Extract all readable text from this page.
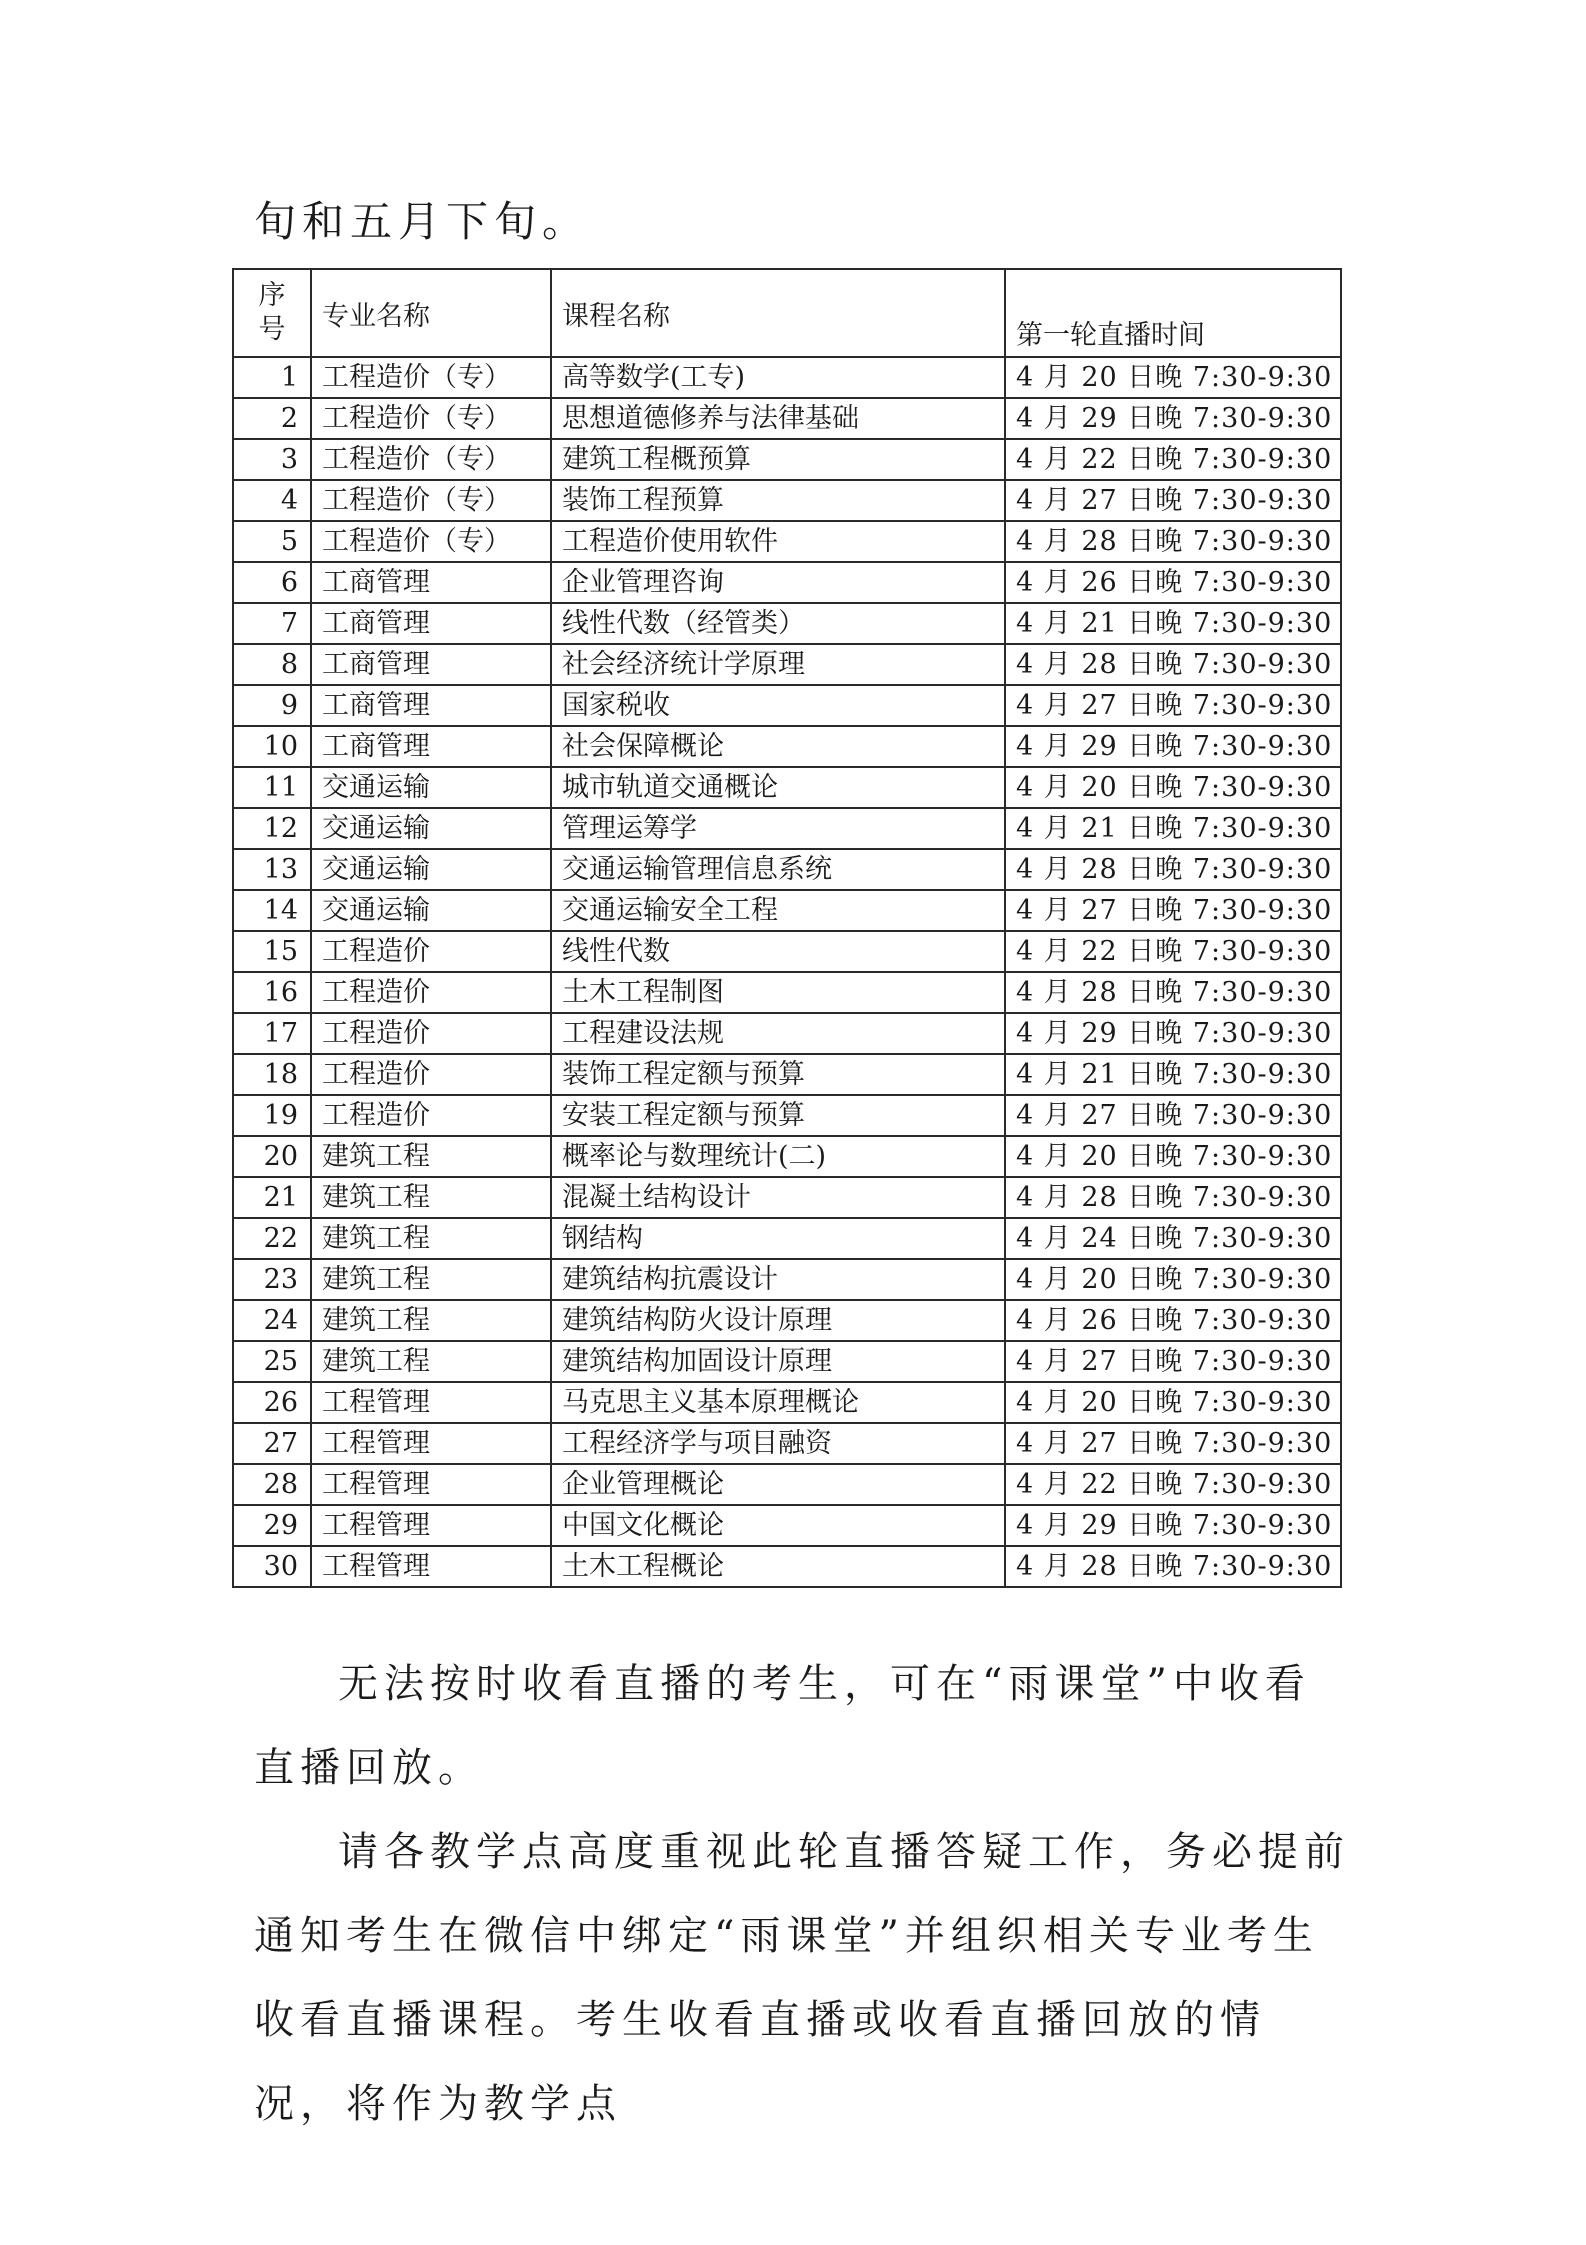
旬和五月下旬。
序
号	专业名称	课程名称	第一轮直播时间
1	工程造价（专）	高等数学(工专)	4 月 20 日晚 7:30-9:30
2	工程造价（专）	思想道德修养与法律基础	4 月 29 日晚 7:30-9:30
3	工程造价（专）	建筑工程概预算	4 月 22 日晚 7:30-9:30
4	工程造价（专）	装饰工程预算	4 月 27 日晚 7:30-9:30
5	工程造价（专）	工程造价使用软件	4 月 28 日晚 7:30-9:30
6	工商管理	企业管理咨询	4 月 26 日晚 7:30-9:30
7	工商管理	线性代数（经管类）	4 月 21 日晚 7:30-9:30
8	工商管理	社会经济统计学原理	4 月 28 日晚 7:30-9:30
9	工商管理	国家税收	4 月 27 日晚 7:30-9:30
10	工商管理	社会保障概论	4 月 29 日晚 7:30-9:30
11	交通运输	城市轨道交通概论	4 月 20 日晚 7:30-9:30
12	交通运输	管理运筹学	4 月 21 日晚 7:30-9:30
13	交通运输	交通运输管理信息系统	4 月 28 日晚 7:30-9:30
14	交通运输	交通运输安全工程	4 月 27 日晚 7:30-9:30
15	工程造价	线性代数	4 月 22 日晚 7:30-9:30
16	工程造价	土木工程制图	4 月 28 日晚 7:30-9:30
17	工程造价	工程建设法规	4 月 29 日晚 7:30-9:30
18	工程造价	装饰工程定额与预算	4 月 21 日晚 7:30-9:30
19	工程造价	安装工程定额与预算	4 月 27 日晚 7:30-9:30
20	建筑工程	概率论与数理统计(二)	4 月 20 日晚 7:30-9:30
21	建筑工程	混凝土结构设计	4 月 28 日晚 7:30-9:30
22	建筑工程	钢结构	4 月 24 日晚 7:30-9:30
23	建筑工程	建筑结构抗震设计	4 月 20 日晚 7:30-9:30
24	建筑工程	建筑结构防火设计原理	4 月 26 日晚 7:30-9:30
25	建筑工程	建筑结构加固设计原理	4 月 27 日晚 7:30-9:30
26	工程管理	马克思主义基本原理概论	4 月 20 日晚 7:30-9:30
27	工程管理	工程经济学与项目融资	4 月 27 日晚 7:30-9:30
28	工程管理	企业管理概论	4 月 22 日晚 7:30-9:30
29	工程管理	中国文化概论	4 月 29 日晚 7:30-9:30
30	工程管理	土木工程概论	4 月 28 日晚 7:30-9:30
无法按时收看直播的考生，可在“雨课堂”中收看直播回放。
请各教学点高度重视此轮直播答疑工作，务必提前通知考生在微信中绑定“雨课堂”并组织相关专业考生收看直播课程。考生收看直播或收看直播回放的情况，将作为教学点
